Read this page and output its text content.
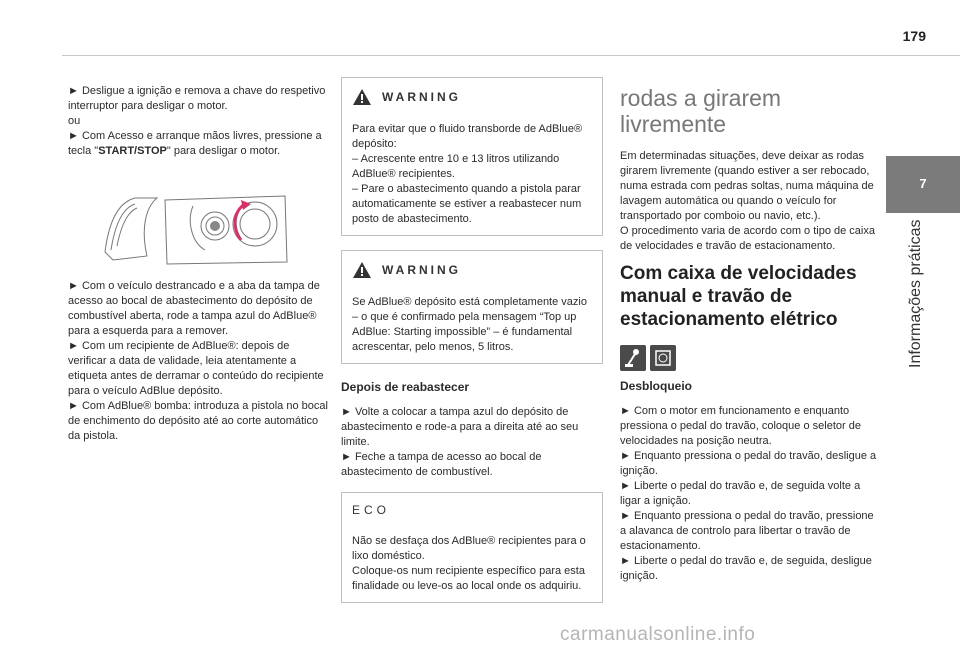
179
7
Informações práticas

► Desligue a ignição e remova a chave do respetivo interruptor para desligar o motor.

ou

► Com Acesso e arranque mãos livres, pressione a tecla "START/STOP" para desligar o motor.

► Com o veículo destrancado e a aba da tampa de acesso ao bocal de abastecimento do depósito de combustível aberta, rode a tampa azul do AdBlue® para a esquerda para a remover.

► Com um recipiente de AdBlue®: depois de verificar a data de validade, leia atentamente a etiqueta antes de derramar o conteúdo do recipiente para o veículo AdBlue depósito.

► Com AdBlue® bomba: introduza a pistola no bocal de enchimento do depósito até ao corte automático da pistola.

WARNING

Para evitar que o fluido transborde de AdBlue® depósito:
– Acrescente entre 10 e 13 litros utilizando AdBlue® recipientes.
– Pare o abastecimento quando a pistola parar automaticamente se estiver a reabastecer num posto de abastecimento.

WARNING

Se AdBlue® depósito está completamente vazio – o que é confirmado pela mensagem “Top up AdBlue: Starting impossible” – é fundamental acrescentar, pelo menos, 5 litros.

Depois de reabastecer

► Volte a colocar a tampa azul do depósito de abastecimento e rode-a para a direita até ao seu limite.

► Feche a tampa de acesso ao bocal de abastecimento de combustível.

ECO

Não se desfaça dos AdBlue® recipientes para o lixo doméstico.
Coloque-os num recipiente específico para esta finalidade ou leve-os ao local onde os adquiriu.

rodas a girarem livremente

Em determinadas situações, deve deixar as rodas girarem livremente (quando estiver a ser rebocado, numa estrada com pedras soltas, numa máquina de lavagem automática ou quando o veículo for transportado por comboio ou navio, etc.).

O procedimento varia de acordo com o tipo de caixa de velocidades e travão de estacionamento.

Com caixa de velocidades manual e travão de estacionamento elétrico
Desbloqueio

► Com o motor em funcionamento e enquanto pressiona o pedal do travão, coloque o seletor de velocidades na posição neutra.

► Enquanto pressiona o pedal do travão, desligue a ignição.

► Liberte o pedal do travão e, de seguida volte a ligar a ignição.

► Enquanto pressiona o pedal do travão, pressione a alavanca de controlo para libertar o travão de estacionamento.

► Liberte o pedal do travão e, de seguida, desligue ignição.

carmanualsonline.info
